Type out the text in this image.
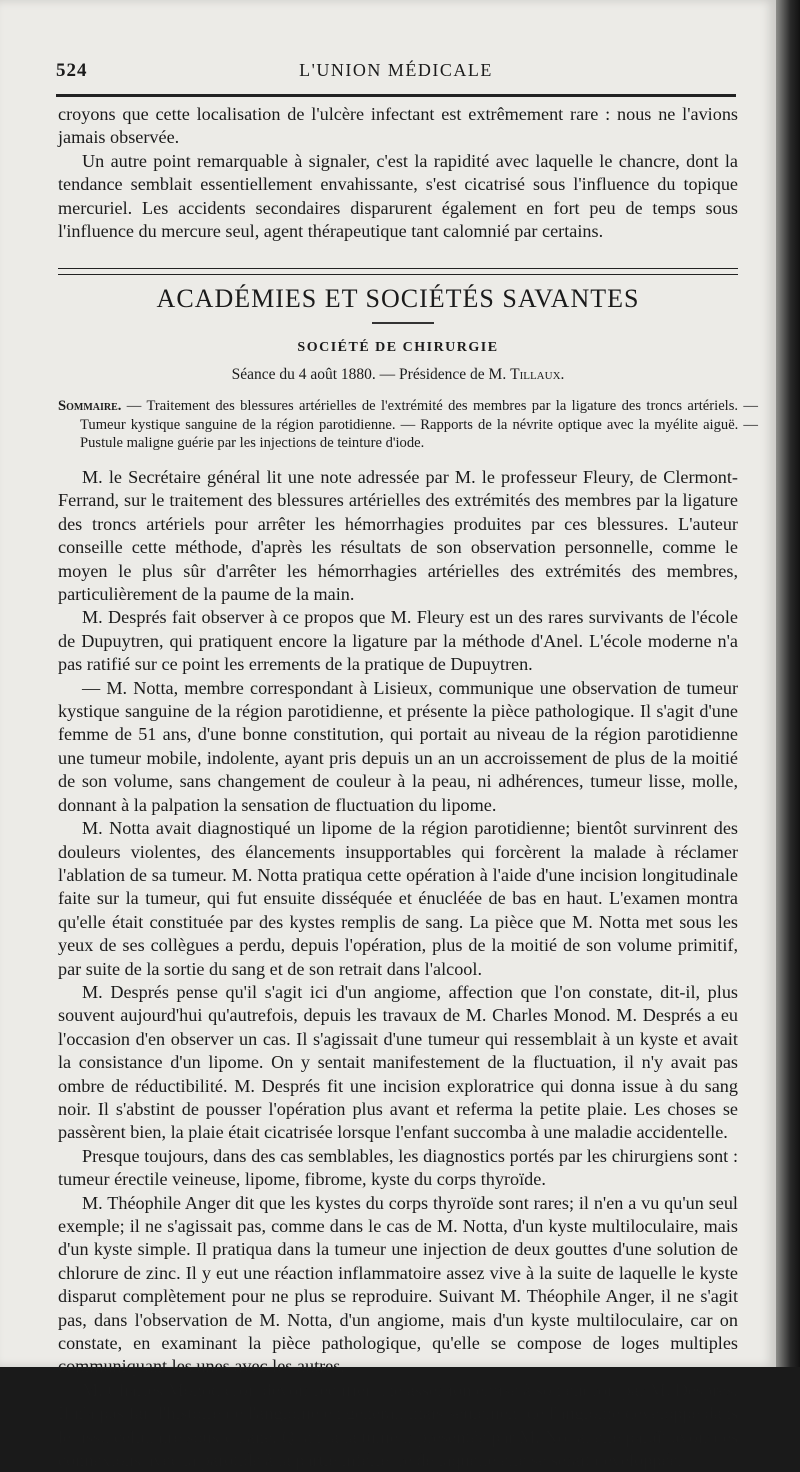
524	L'UNION MÉDICALE

croyons que cette localisation de l'ulcère infectant est extrêmement rare : nous ne l'avions jamais observée.

Un autre point remarquable à signaler, c'est la rapidité avec laquelle le chancre, dont la tendance semblait essentiellement envahissante, s'est cicatrisé sous l'influence du topique mercuriel. Les accidents secondaires disparurent également en fort peu de temps sous l'influence du mercure seul, agent thérapeutique tant calomnié par certains.

ACADÉMIES ET SOCIÉTÉS SAVANTES
SOCIÉTÉ DE CHIRURGIE
Séance du 4 août 1880. — Présidence de M. Tillaux.

Sommaire. — Traitement des blessures artérielles de l'extrémité des membres par la ligature des troncs artériels. — Tumeur kystique sanguine de la région parotidienne. — Rapports de la névrite optique avec la myélite aiguë. — Pustule maligne guérie par les injections de teinture d'iode.

M. le Secrétaire général lit une note adressée par M. le professeur Fleury, de Clermont-Ferrand, sur le traitement des blessures artérielles des extrémités des membres par la ligature des troncs artériels pour arrêter les hémorrhagies produites par ces blessures. L'auteur conseille cette méthode, d'après les résultats de son observation personnelle, comme le moyen le plus sûr d'arrêter les hémorrhagies artérielles des extrémités des membres, particulièrement de la paume de la main.

M. Després fait observer à ce propos que M. Fleury est un des rares survivants de l'école de Dupuytren, qui pratiquent encore la ligature par la méthode d'Anel. L'école moderne n'a pas ratifié sur ce point les errements de la pratique de Dupuytren.

— M. Notta, membre correspondant à Lisieux, communique une observation de tumeur kystique sanguine de la région parotidienne, et présente la pièce pathologique. Il s'agit d'une femme de 51 ans, d'une bonne constitution, qui portait au niveau de la région parotidienne une tumeur mobile, indolente, ayant pris depuis un an un accroissement de plus de la moitié de son volume, sans changement de couleur à la peau, ni adhérences, tumeur lisse, molle, donnant à la palpation la sensation de fluctuation du lipome.

M. Notta avait diagnostiqué un lipome de la région parotidienne; bientôt survinrent des douleurs violentes, des élancements insupportables qui forcèrent la malade à réclamer l'ablation de sa tumeur. M. Notta pratiqua cette opération à l'aide d'une incision longitudinale faite sur la tumeur, qui fut ensuite disséquée et énucléée de bas en haut. L'examen montra qu'elle était constituée par des kystes remplis de sang. La pièce que M. Notta met sous les yeux de ses collègues a perdu, depuis l'opération, plus de la moitié de son volume primitif, par suite de la sortie du sang et de son retrait dans l'alcool.

M. Després pense qu'il s'agit ici d'un angiome, affection que l'on constate, dit-il, plus souvent aujourd'hui qu'autrefois, depuis les travaux de M. Charles Monod. M. Després a eu l'occasion d'en observer un cas. Il s'agissait d'une tumeur qui ressemblait à un kyste et avait la consistance d'un lipome. On y sentait manifestement de la fluctuation, il n'y avait pas ombre de réductibilité. M. Després fit une incision exploratrice qui donna issue à du sang noir. Il s'abstint de pousser l'opération plus avant et referma la petite plaie. Les choses se passèrent bien, la plaie était cicatrisée lorsque l'enfant succomba à une maladie accidentelle.

Presque toujours, dans des cas semblables, les diagnostics portés par les chirurgiens sont : tumeur érectile veineuse, lipome, fibrome, kyste du corps thyroïde.

M. Théophile Anger dit que les kystes du corps thyroïde sont rares; il n'en a vu qu'un seul exemple; il ne s'agissait pas, comme dans le cas de M. Notta, d'un kyste multiloculaire, mais d'un kyste simple. Il pratiqua dans la tumeur une injection de deux gouttes d'une solution de chlorure de zinc. Il y eut une réaction inflammatoire assez vive à la suite de laquelle le kyste disparut complètement pour ne plus se reproduire. Suivant M. Théophile Anger, il ne s'agit pas, dans l'observation de M. Notta, d'un angiome, mais d'un kyste multiloculaire, car on constate, en examinant la pièce pathologique, qu'elle se compose de loges multiples communiquant les unes avec les autres.

M. Charles Monod croit devoir rectifier une assertion émise à son endroit par M. Després. Il n'a pas fait l'histoire de l'angiome en général, mais seulement de l'angiome développé dans le tissu cellulaire sous-cutané. Quant à la tumeur présentée par M. Notta, elle paraît avoir des connexions avec la parotide à la partie inférieure de laquelle elle se serait développée.
